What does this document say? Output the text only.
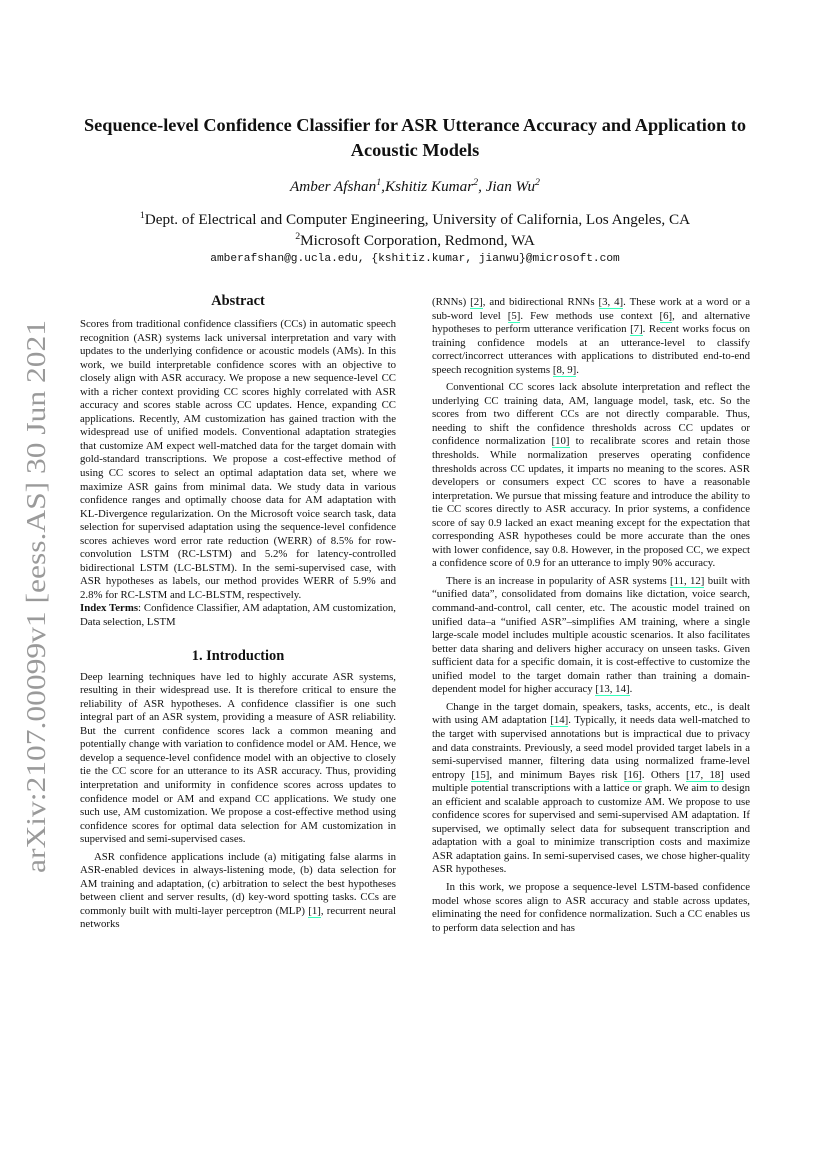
arXiv:2107.00099v1 [eess.AS] 30 Jun 2021
Sequence-level Confidence Classifier for ASR Utterance Accuracy and Application to Acoustic Models
Amber Afshan$^1$,Kshitiz Kumar$^2$, Jian Wu$^2$
$^1$Dept. of Electrical and Computer Engineering, University of California, Los Angeles, CA
$^2$Microsoft Corporation, Redmond, WA
amberafshan@g.ucla.edu, {kshitiz.kumar, jianwu}@microsoft.com
Abstract

Scores from traditional confidence classifiers (CCs) in automatic speech recognition (ASR) systems lack universal interpretation and vary with updates to the underlying confidence or acoustic models (AMs). In this work, we build interpretable confidence scores with an objective to closely align with ASR accuracy. We propose a new sequence-level CC with a richer context providing CC scores highly correlated with ASR accuracy and scores stable across CC updates. Hence, expanding CC applications. Recently, AM customization has gained traction with the widespread use of unified models. Conventional adaptation strategies that customize AM expect well-matched data for the target domain with gold-standard transcriptions. We propose a cost-effective method of using CC scores to select an optimal adaptation data set, where we maximize ASR gains from minimal data. We study data in various confidence ranges and optimally choose data for AM adaptation with KL-Divergence regularization. On the Microsoft voice search task, data selection for supervised adaptation using the sequence-level confidence scores achieves word error rate reduction (WERR) of 8.5% for row-convolution LSTM (RC-LSTM) and 5.2% for latency-controlled bidirectional LSTM (LC-BLSTM). In the semi-supervised case, with ASR hypotheses as labels, our method provides WERR of 5.9% and 2.8% for RC-LSTM and LC-BLSTM, respectively.

Index Terms: Confidence Classifier, AM adaptation, AM customization, Data selection, LSTM

1. Introduction

Deep learning techniques have led to highly accurate ASR systems, resulting in their widespread use. It is therefore critical to ensure the reliability of ASR hypotheses. A confidence classifier is one such integral part of an ASR system, providing a measure of ASR reliability. But the current confidence scores lack a common meaning and potentially change with variation to confidence model or AM. Hence, we develop a sequence-level confidence model with an objective to closely tie the CC score for an utterance to its ASR accuracy. Thus, providing interpretation and uniformity in confidence scores across updates to confidence model or AM and expand CC applications. We study one such use, AM customization. We propose a cost-effective method using confidence scores for optimal data selection for AM customization in supervised and semi-supervised cases.

ASR confidence applications include (a) mitigating false alarms in ASR-enabled devices in always-listening mode, (b) data selection for AM training and adaptation, (c) arbitration to select the best hypotheses between client and server results, (d) key-word spotting tasks. CCs are commonly built with multi-layer perceptron (MLP) [1], recurrent neural networks

(RNNs) [2], and bidirectional RNNs [3, 4]. These work at a word or a sub-word level [5]. Few methods use context [6], and alternative hypotheses to perform utterance verification [7]. Recent works focus on training confidence models at an utterance-level to classify correct/incorrect utterances with applications to distributed end-to-end speech recognition systems [8, 9].

Conventional CC scores lack absolute interpretation and reflect the underlying CC training data, AM, language model, task, etc. So the scores from two different CCs are not directly comparable. Thus, needing to shift the confidence thresholds across CC updates or confidence normalization [10] to recalibrate scores and retain those thresholds. While normalization preserves operating confidence thresholds across CC updates, it imparts no meaning to the scores. ASR developers or consumers expect CC scores to have a reasonable interpretation. We pursue that missing feature and introduce the ability to tie CC scores directly to ASR accuracy. In prior systems, a confidence score of say 0.9 lacked an exact meaning except for the expectation that corresponding ASR hypotheses could be more accurate than the ones with lower confidence, say 0.8. However, in the proposed CC, we expect a confidence score of 0.9 for an utterance to imply 90% accuracy.

There is an increase in popularity of ASR systems [11, 12] built with “unified data”, consolidated from domains like dictation, voice search, command-and-control, call center, etc. The acoustic model trained on unified data–a “unified ASR”–simplifies AM training, where a single large-scale model includes multiple acoustic scenarios. It also facilitates better data sharing and delivers higher accuracy on unseen tasks. Given sufficient data for a specific domain, it is cost-effective to customize the unified model to the target domain rather than training a domain-dependent model for higher accuracy [13, 14].

Change in the target domain, speakers, tasks, accents, etc., is dealt with using AM adaptation [14]. Typically, it needs data well-matched to the target with supervised annotations but is impractical due to privacy and data constraints. Previously, a seed model provided target labels in a semi-supervised manner, filtering data using normalized frame-level entropy [15], and minimum Bayes risk [16]. Others [17, 18] used multiple potential transcriptions with a lattice or graph. We aim to design an efficient and scalable approach to customize AM. We propose to use confidence scores for supervised and semi-supervised AM adaptation. If supervised, we optimally select data for subsequent transcription and adaptation with a goal to minimize transcription costs and maximize ASR adaptation gains. In semi-supervised cases, we chose higher-quality ASR hypotheses.

In this work, we propose a sequence-level LSTM-based confidence model whose scores align to ASR accuracy and stable across updates, eliminating the need for confidence normalization. Such a CC enables us to perform data selection and has
